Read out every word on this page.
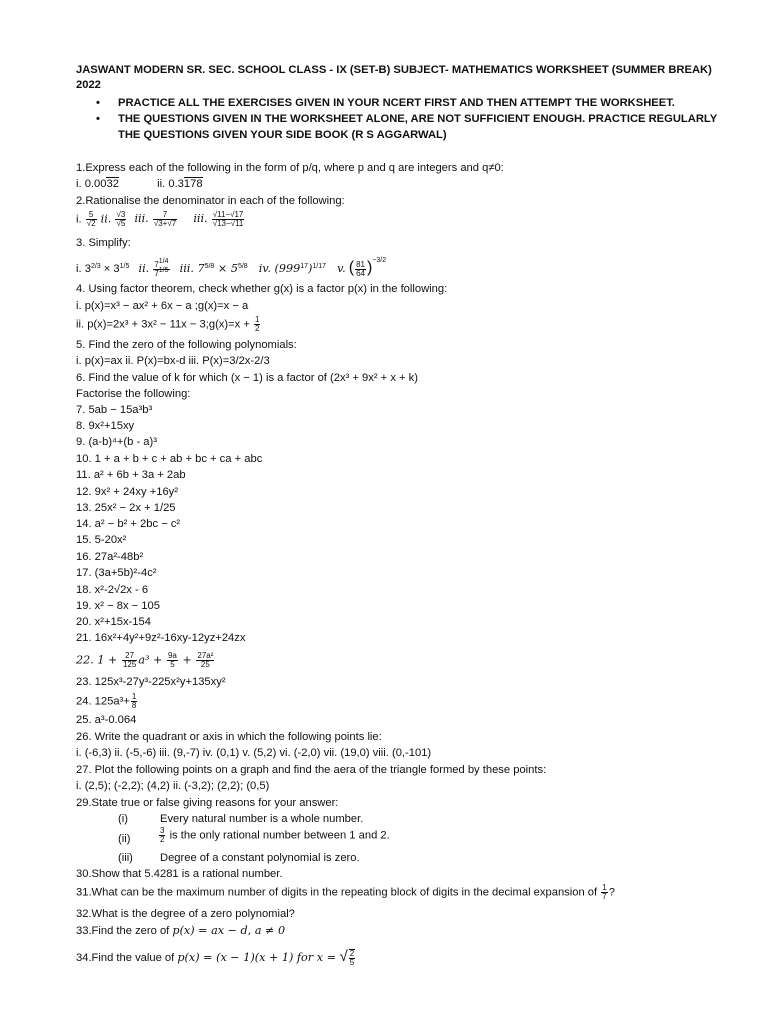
JASWANT MODERN SR. SEC. SCHOOL CLASS - IX (SET-B) SUBJECT- MATHEMATICS WORKSHEET (SUMMER BREAK)
2022
• PRACTICE ALL THE EXERCISES GIVEN IN YOUR NCERT FIRST AND THEN ATTEMPT THE WORKSHEET.
• THE QUESTIONS GIVEN IN THE WORKSHEET ALONE, ARE NOT SUFFICIENT ENOUGH. PRACTICE REGULARLY
THE QUESTIONS GIVEN YOUR SIDE BOOK (R S AGGARWAL)
1.Express each of the following in the form of p/q, where p and q are integers and q≠0:
i. 0.0032	ii. 0.3178
2.Rationalise the denominator in each of the following:
i. $\frac{5}{√2}$ ii. $\frac{√3}{√5}$ iii. $\frac{7}{√3+√7}$ iii. $\frac{√11-√17}{√13-√11}$
3. Simplify:
i. $3^{2/3} \times 3^{1/5}$ ii. $\frac{7^{1/4}}{7^{1/5}}$ iii. $7^{5/8} \times 5^{5/8}$ iv. $(999^{17})^{1/17}$ v. ( $\frac{81}{64} )^{-3/2}$
4. Using factor theorem, check whether g(x) is a factor p(x) in the following:
i. p(x)=x³ − ax² + 6x − a ;g(x)=x − a
ii. p(x)=2x³ + 3x² − 11x − 3;g(x)=x + $\frac{1}{2}$
5. Find the zero of the following polynomials:
i. p(x)=ax ii. P(x)=bx-d iii. P(x)=3/2x-2/3
6. Find the value of k for which (x − 1) is a factor of (2x³ + 9x² + x + k)
Factorise the following:
7. 5ab − 15a³b³
8. 9x²+15xy
9. (a-b)⁴+(b - a)³
10. 1 + a + b + c + ab + bc + ca + abc
11. a² + 6b + 3a + 2ab
12. 9x² + 24xy +16y²
13. 25x² − 2x + 1/25
14. a² − b² + 2bc − c²
15. 5-20x²
16. 27a²-48b²
17. (3a+5b)²-4c²
18. x²-2√2x - 6
19. x² − 8x − 105
20. x²+15x-154
21. 16x²+4y²+9z²-16xy-12yz+24zx
22. $1 + \frac{27}{125} a^3 + \frac{9a}{5} + \frac{\text{27a²}}{25}$
23. 125x³-27y³-225x²y+135xy²
24. $125a^3+ \frac{1}{8}$
25. a³-0.064
26. Write the quadrant or axis in which the following points lie:
i. (-6,3) ii. (-5,-6) iii. (9,-7) iv. (0,1) v. (5,2) vi. (-2,0) vii. (19,0) viii. (0,-101)
27. Plot the following points on a graph and find the aera of the triangle formed by these points:
i. (2,5); (-2,2); (4,2) ii. (-3,2); (2,2); (0,5)
29.State true or false giving reasons for your answer:
(i)	Every natural number is a whole number.
(ii)	$\frac{3}{2}$ is the only rational number between 1 and 2.
(iii) Degree of a constant polynomial is zero.
30.Show that 5.4281 is a rational number.
31.What can be the maximum number of digits in the repeating block of digits in the decimal expansion of $\frac{1}{7}$ ?
32.What is the degree of a zero polynomial?
33.Find the zero of p(x) = ax − d, a ≠ 0
34.Find the value of p(x) = (x − 1)(x + 1) for x = √ $\frac{2}{5}$
